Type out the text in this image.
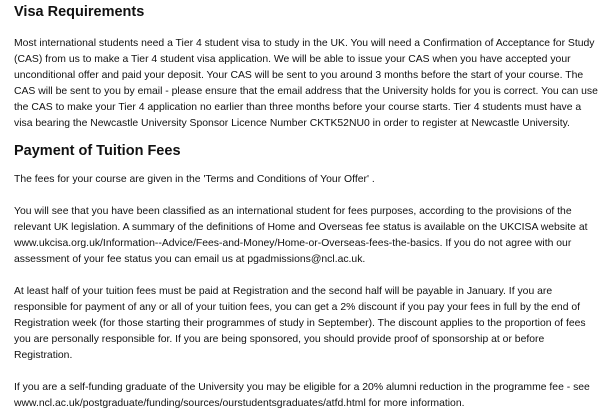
Visa Requirements

Most international students need a Tier 4 student visa to study in the UK. You will need a Confirmation of Acceptance for Study
(CAS) from us to make a Tier 4 student visa application. We will be able to issue your CAS when you have accepted your
unconditional offer and paid your deposit. Your CAS will be sent to you around 3 months before the start of your course. The
CAS will be sent to you by email - please ensure that the email address that the University holds for you is correct. You can use
the CAS to make your Tier 4 application no earlier than three months before your course starts. Tier 4 students must have a
visa bearing the Newcastle University Sponsor Licence Number CKTK52NU0 in order to register at Newcastle University.

Payment of Tuition Fees

The fees for your course are given in the 'Terms and Conditions of Your Offer' .

You will see that you have been classified as an international student for fees purposes, according to the provisions of the
relevant UK legislation. A summary of the definitions of Home and Overseas fee status is available on the UKCISA website at
www.ukcisa.org.uk/Information--Advice/Fees-and-Money/Home-or-Overseas-fees-the-basics. If you do not agree with our
assessment of your fee status you can email us at pgadmissions@ncl.ac.uk.

At least half of your tuition fees must be paid at Registration and the second half will be payable in January. If you are
responsible for payment of any or all of your tuition fees, you can get a 2% discount if you pay your fees in full by the end of
Registration week (for those starting their programmes of study in September). The discount applies to the proportion of fees
you are personally responsible for. If you are being sponsored, you should provide proof of sponsorship at or before
Registration.

If you are a self-funding graduate of the University you may be eligible for a 20% alumni reduction in the programme fee - see
www.ncl.ac.uk/postgraduate/funding/sources/ourstudentsgraduates/atfd.html for more information.
